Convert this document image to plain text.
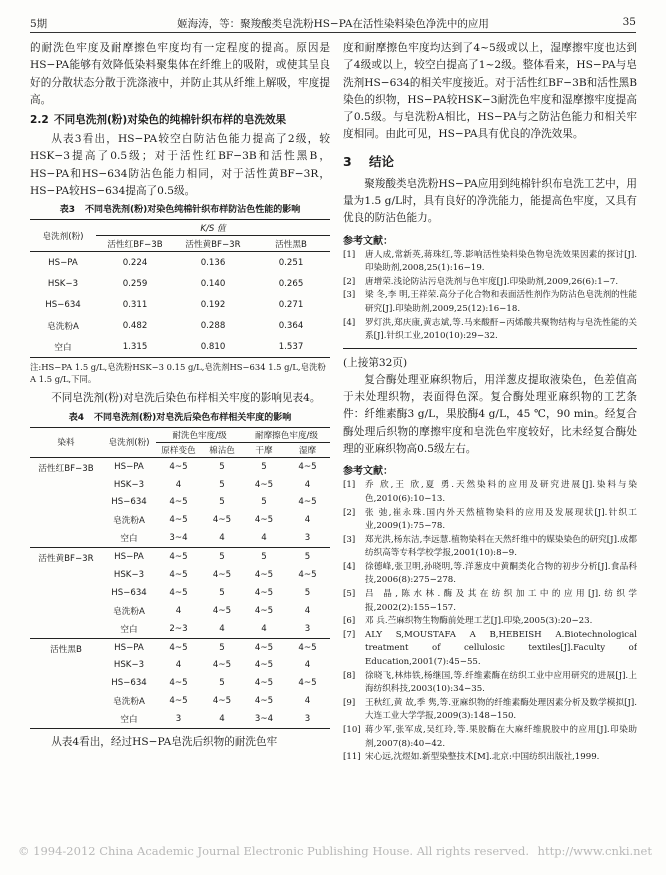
5期	姬海涛，等：聚羧酸类皂洗粉HS−PA在活性染料染色净洗中的应用	35

的耐洗色牢度及耐摩擦色牢度均有一定程度的提高。原因是HS−PA能够有效降低染料聚集体在纤维上的吸附，或使其呈良好的分散状态分散于洗涤液中，并防止其从纤维上解吸，牢度提高。

2.2 不同皂洗剂(粉)对染色的纯棉针织布样的皂洗效果

从表3看出，HS−PA较空白防沾色能力提高了2级，较HSK−3提高了0.5级；对于活性红BF−3B和活性黑B，HS−PA和HS−634防沾色能力相同，对于活性黄BF−3R，HS−PA较HS−634提高了0.5级。

表3 不同皂洗剂(粉)对染色纯棉针织布样防沾色性能的影响
皂洗剂(粉)	K/S 值		
	活性红BF−3B	活性黄BF−3R	活性黑B
HS−PA	0.224	0.136	0.251
HSK−3	0.259	0.140	0.265
HS−634	0.311	0.192	0.271
皂洗粉A	0.482	0.288	0.364
空白	1.315	0.810	1.537
注:HS−PA 1.5 g/L,皂洗粉HSK−3 0.15 g/L,皂洗剂HS−634 1.5 g/L,皂洗粉A 1.5 g/L,下同。

不同皂洗剂(粉)对皂洗后染色布样相关牢度的影响见表4。

表4 不同皂洗剂(粉)对皂洗后染色布样相关牢度的影响
染料	皂洗剂(粉)	耐洗色牢度/级		耐摩擦色牢度/级	
		原样变色	棉沾色	干摩	湿摩
活性红BF−3B	HS−PA	4~5	5	5	4~5
	HSK−3	4	5	4~5	4
	HS−634	4~5	5	5	4~5
	皂洗粉A	4~5	4~5	4~5	4
	空白	3~4	4	4	3
活性黄BF−3R	HS−PA	4~5	5	5	5
	HSK−3	4~5	4~5	4~5	4~5
	HS−634	4~5	5	4~5	5
	皂洗粉A	4	4~5	4~5	4
	空白	2~3	4	4	3
活性黑B	HS−PA	4~5	5	4~5	4~5
	HSK−3	4	4~5	4~5	4
	HS−634	4~5	5	4~5	4~5
	皂洗粉A	4~5	4~5	4~5	4
	空白	3	4	3~4	3

从表4看出，经过HS−PA皂洗后织物的耐洗色牢

度和耐摩擦色牢度均达到了4~5级或以上，湿摩擦牢度也达到了4级或以上，较空白提高了1~2级。整体看来，HS−PA与皂洗剂HS−634的相关牢度接近。对于活性红BF−3B和活性黑B染色的织物，HS−PA较HSK−3耐洗色牢度和湿摩擦牢度提高了0.5级。与皂洗粉A相比，HS−PA与之防沾色能力和相关牢度相同。由此可见，HS−PA具有优良的净洗效果。

3 结论

聚羧酸类皂洗粉HS−PA应用到纯棉针织布皂洗工艺中，用量为1.5 g/L时，具有良好的净洗能力，能提高色牢度，又具有优良的防沾色能力。

参考文献：
[1] 唐人成,常新英,蒋珠红,等.影响活性染料染色物皂洗效果因素的探讨[J].印染助剂,2008,25(1):16−19.
[2] 唐增荣.浅论防沾污皂洗剂与色牢度[J].印染助剂,2009,26(6):1−7.
[3] 梁 冬,李 明,王祥荣.高分子化合物和表面活性剂作为防沾色皂洗剂的性能研究[J].印染助剂,2009,25(12):16−18.
[4] 罗灯洪,郑庆康,黄志斌,等.马来酸酐−丙烯酸共聚物结构与皂洗性能的关系[J].针织工业,2010(10):29−32.
(上接第32页)

复合酶处理亚麻织物后，用洋葱皮提取液染色，色差值高于未处理织物，表面得色深。复合酶处理亚麻织物的工艺条件：纤维素酶3 g/L，果胶酶4 g/L，45 ℃，90 min。经复合酶处理后织物的摩擦牢度和皂洗色牢度较好，比未经复合酶处理的亚麻织物高0.5级左右。

参考文献：
[1] 乔 欣,王 欣,夏 勇.天然染料的应用及研究进展[J].染料与染色,2010(6):10−13.
[2] 张 弛,崔永珠.国内外天然植物染料的应用及发展现状[J].针织工业,2009(1):75−78.
[3] 郑光洪,杨东洁,李远慧.植物染料在天然纤维中的媒染染色的研究[J].成都纺织高等专科学校学报,2001(10):8−9.
[4] 徐德峰,张卫明,孙晓明,等.洋葱皮中黄酮类化合物的初步分析[J].食品科技,2006(8):275−278.
[5] 吕 晶,陈水林.酶及其在纺织加工中的应用[J].纺织学报,2002(2):155−157.
[6] 邓 兵.苎麻织物生物酶前处理工艺[J].印染,2005(3):20−23.
[7] ALY S,MOUSTAFA A B,HEBEISH A.Biotechnological treatment of cellulosic textiles[J].Faculty of Education,2001(7):45−55.
[8] 徐晓飞,林炜铁,杨继国,等.纤维素酶在纺织工业中应用研究的进展[J].上海纺织科技,2003(10):34−35.
[9] 王秋红,黄 故,季 隽,等.亚麻织物的纤维素酶处理因素分析及数学模拟[J].大连工业大学学报,2009(3):148−150.
[10] 蒋少军,张军成,吴红玲,等.果胶酶在大麻纤维脱胶中的应用[J].印染助剂,2007(8):40−42.
[11] 宋心远,沈煜如.新型染整技术[M].北京:中国纺织出版社,1999.
© 1994-2012 China Academic Journal Electronic Publishing House. All rights reserved. http://www.cnki.net
